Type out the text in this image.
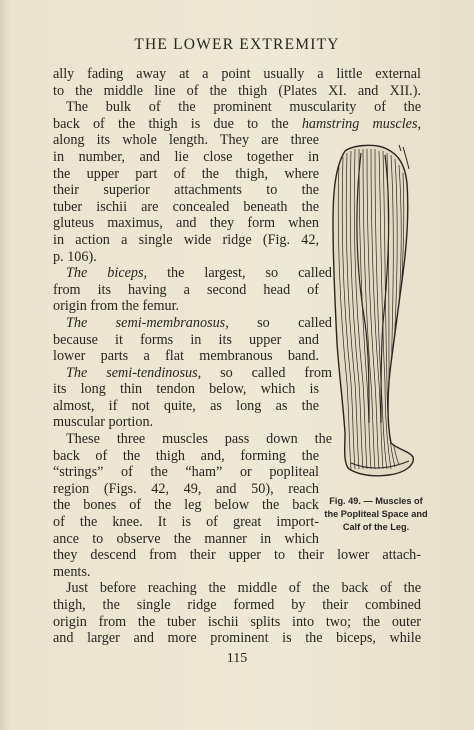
THE LOWER EXTREMITY
ally fading away at a point usually a little external
to the middle line of the thigh (Plates XI. and XII.).
The bulk of the prominent muscularity of the
back of the thigh is due to the hamstring muscles,
along its whole length. They are three
in number, and lie close together in
the upper part of the thigh, where
their superior attachments to the
tuber ischii are concealed beneath the
gluteus maximus, and they form when
in action a single wide ridge (Fig. 42,
p. 106).
The biceps, the largest, so called
from its having a second head of
origin from the femur.
The semi-membranosus, so called
because it forms in its upper and
lower parts a flat membranous band.
The semi-tendinosus, so called from
its long thin tendon below, which is
almost, if not quite, as long as the
muscular portion.
These three muscles pass down the
back of the thigh and, forming the
“strings” of the “ham” or popliteal
region (Figs. 42, 49, and 50), reach
the bones of the leg below the back
of the knee. It is of great import-
ance to observe the manner in which
they descend from their upper to their lower attach-
ments.
Just before reaching the middle of the back of the
thigh, the single ridge formed by their combined
origin from the tuber ischii splits into two; the outer
and larger and more prominent is the biceps, while
Fig. 49. — Muscles of the Popliteal Space and Calf of the Leg.
115
